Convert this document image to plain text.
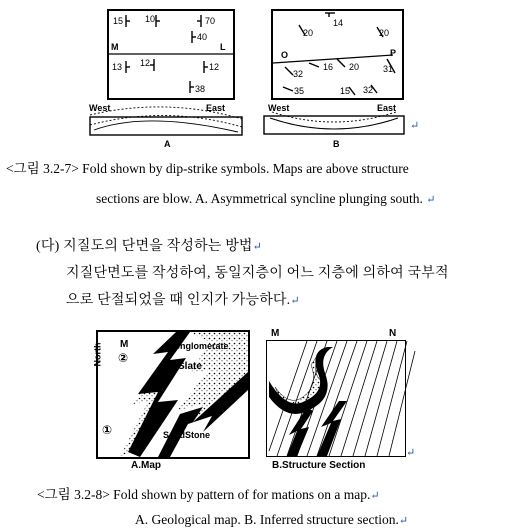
15 10	70
40
13 12	12
38
M	L
West	East
A
14
20	20
32
16 20	31
35	15 32
O	P
West	East
↵
B
<그림 3.2-7> Fold shown by dip-strike symbols. Maps are above structure
sections are blow. A. Asymmetrical syncline plunging south. ↵
(다) 지질도의 단면을 작성하는 방법↵
지질단면도를 작성하여, 동일지층이 어느 지층에 의하여 국부적
으로 단절되었을 때 인지가 가능하다.↵
North M
②
Conglomerate
Slate
N
①	SandStone
A.Map
M	N
↵
B.Structure Section
<그림 3.2-8> Fold shown by pattern of for mations on a map.↵
A. Geological map. B. Inferred structure section.↵
